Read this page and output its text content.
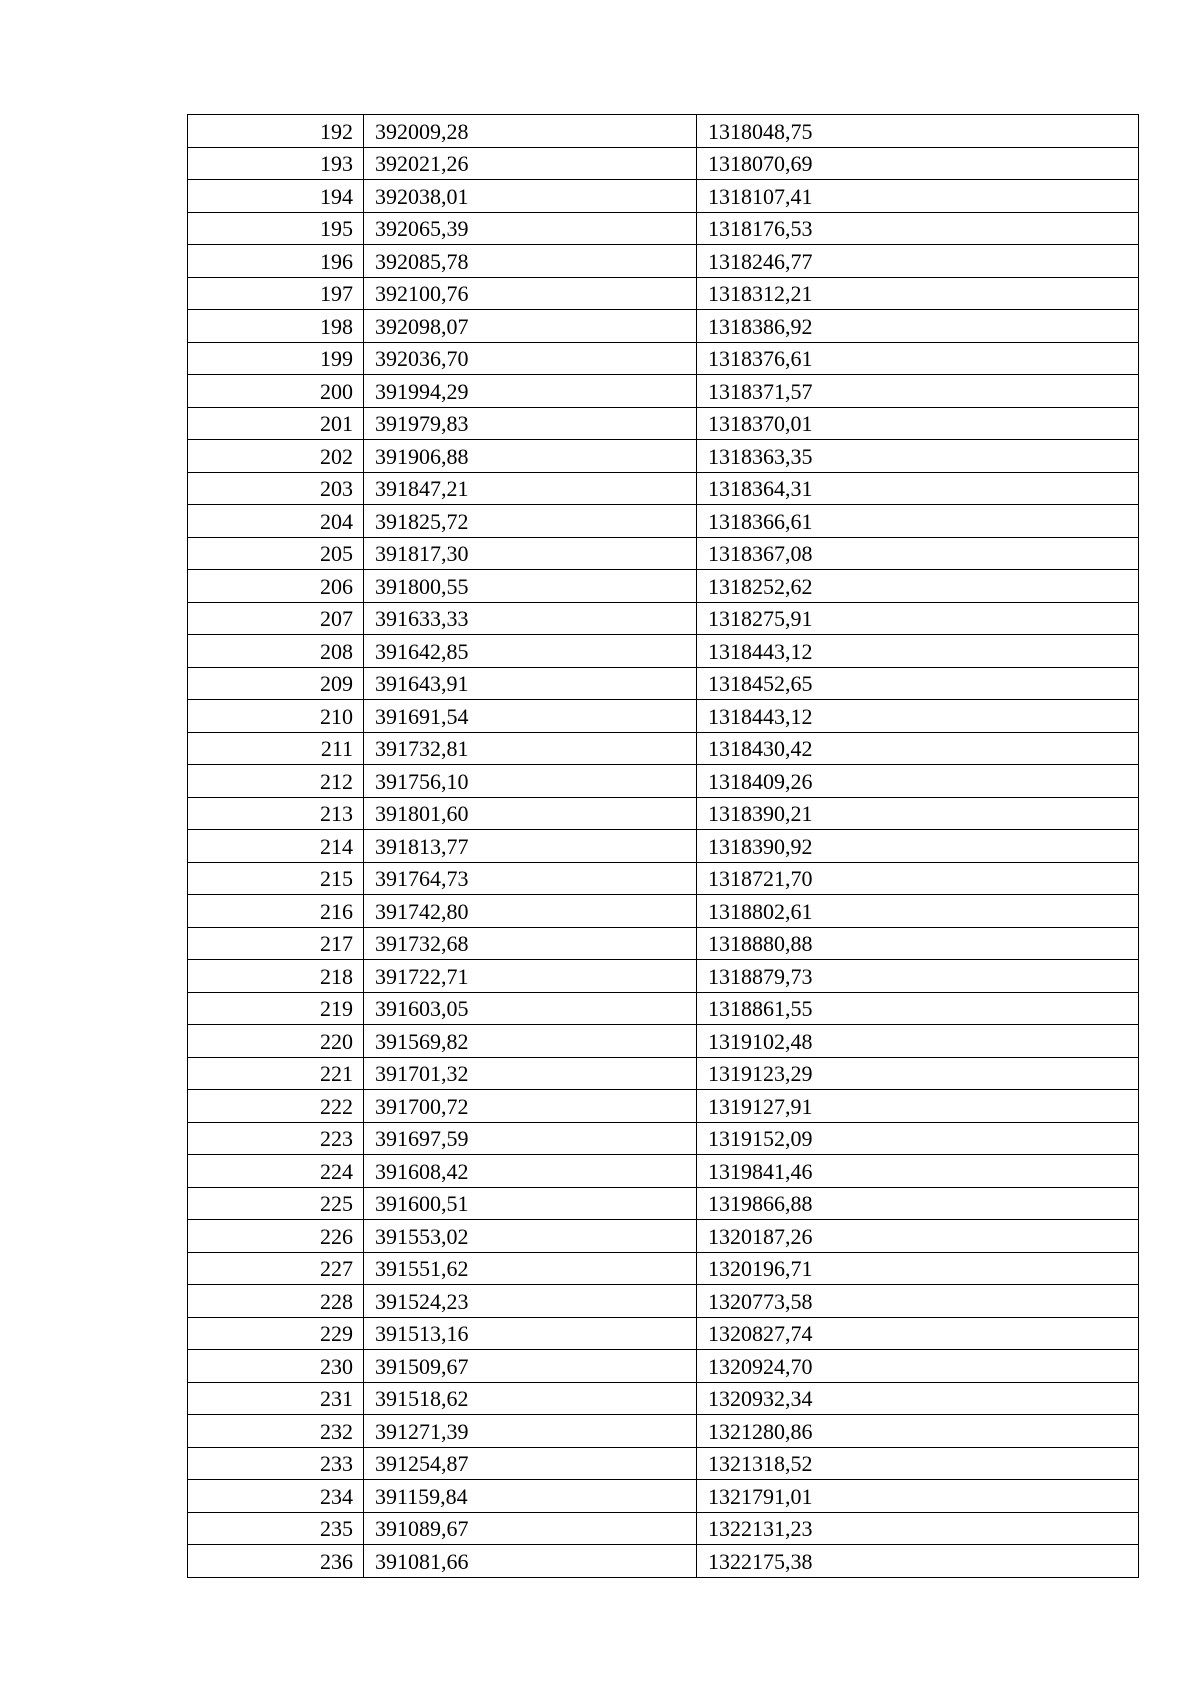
192	392009,28	1318048,75
193	392021,26	1318070,69
194	392038,01	1318107,41
195	392065,39	1318176,53
196	392085,78	1318246,77
197	392100,76	1318312,21
198	392098,07	1318386,92
199	392036,70	1318376,61
200	391994,29	1318371,57
201	391979,83	1318370,01
202	391906,88	1318363,35
203	391847,21	1318364,31
204	391825,72	1318366,61
205	391817,30	1318367,08
206	391800,55	1318252,62
207	391633,33	1318275,91
208	391642,85	1318443,12
209	391643,91	1318452,65
210	391691,54	1318443,12
211	391732,81	1318430,42
212	391756,10	1318409,26
213	391801,60	1318390,21
214	391813,77	1318390,92
215	391764,73	1318721,70
216	391742,80	1318802,61
217	391732,68	1318880,88
218	391722,71	1318879,73
219	391603,05	1318861,55
220	391569,82	1319102,48
221	391701,32	1319123,29
222	391700,72	1319127,91
223	391697,59	1319152,09
224	391608,42	1319841,46
225	391600,51	1319866,88
226	391553,02	1320187,26
227	391551,62	1320196,71
228	391524,23	1320773,58
229	391513,16	1320827,74
230	391509,67	1320924,70
231	391518,62	1320932,34
232	391271,39	1321280,86
233	391254,87	1321318,52
234	391159,84	1321791,01
235	391089,67	1322131,23
236	391081,66	1322175,38
